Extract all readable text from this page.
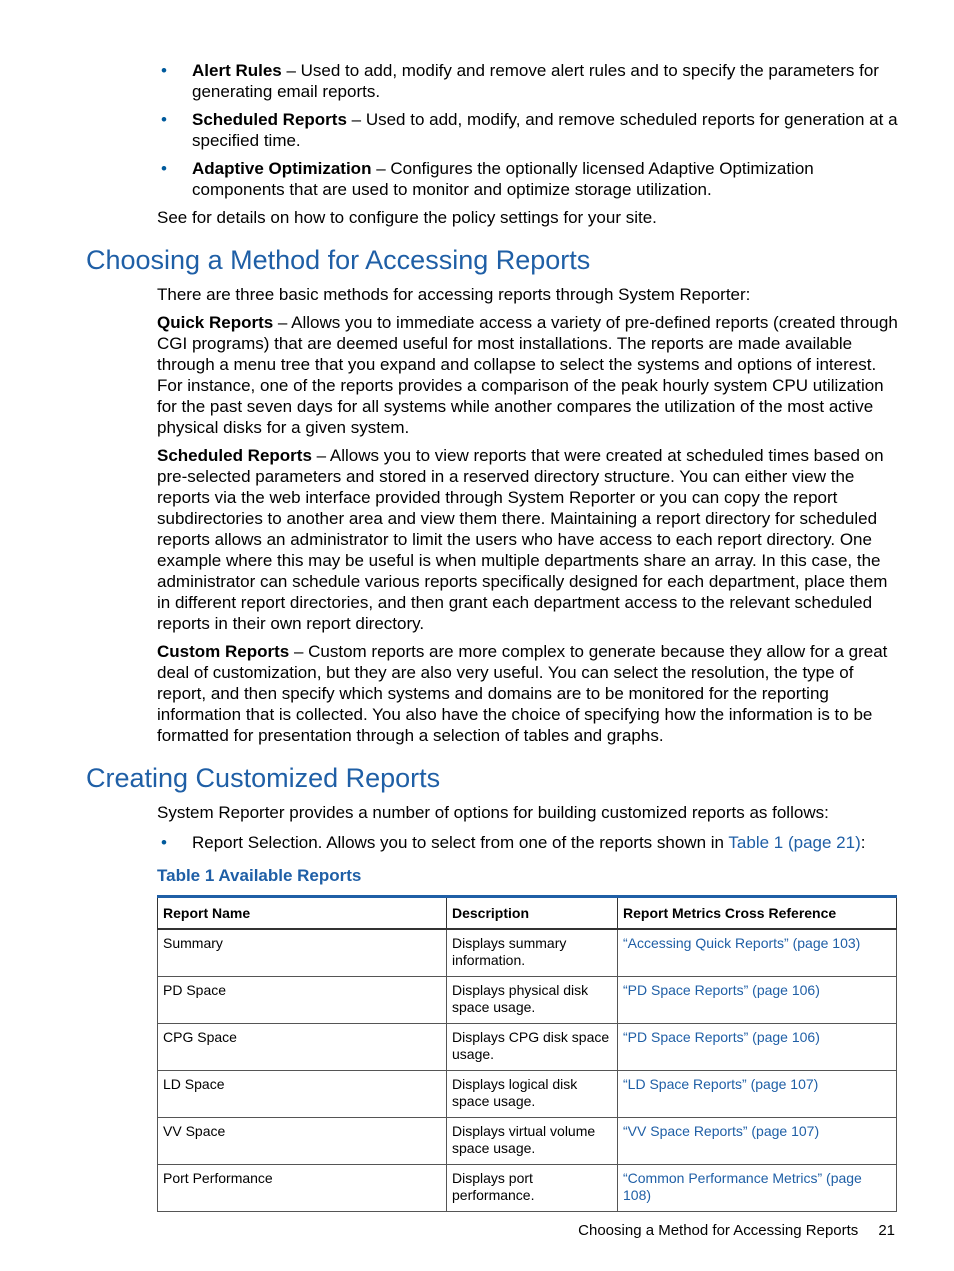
• Alert Rules – Used to add, modify and remove alert rules and to specify the parameters for generating email reports.
• Scheduled Reports – Used to add, modify, and remove scheduled reports for generation at a specified time.
• Adaptive Optimization – Configures the optionally licensed Adaptive Optimization components that are used to monitor and optimize storage utilization.

See for details on how to configure the policy settings for your site.

Choosing a Method for Accessing Reports

There are three basic methods for accessing reports through System Reporter:

Quick Reports – Allows you to immediate access a variety of pre-defined reports (created through CGI programs) that are deemed useful for most installations. The reports are made available through a menu tree that you expand and collapse to select the systems and options of interest. For instance, one of the reports provides a comparison of the peak hourly system CPU utilization for the past seven days for all systems while another compares the utilization of the most active physical disks for a given system.

Scheduled Reports – Allows you to view reports that were created at scheduled times based on pre-selected parameters and stored in a reserved directory structure. You can either view the reports via the web interface provided through System Reporter or you can copy the report subdirectories to another area and view them there. Maintaining a report directory for scheduled reports allows an administrator to limit the users who have access to each report directory. One example where this may be useful is when multiple departments share an array. In this case, the administrator can schedule various reports specifically designed for each department, place them in different report directories, and then grant each department access to the relevant scheduled reports in their own report directory.

Custom Reports – Custom reports are more complex to generate because they allow for a great deal of customization, but they are also very useful. You can select the resolution, the type of report, and then specify which systems and domains are to be monitored for the reporting information that is collected. You also have the choice of specifying how the information is to be formatted for presentation through a selection of tables and graphs.

Creating Customized Reports

System Reporter provides a number of options for building customized reports as follows:

• Report Selection. Allows you to select from one of the reports shown in Table 1 (page 21):
Table 1 Available Reports
Report Name	Description	Report Metrics Cross Reference
Summary	Displays summary information.	“Accessing Quick Reports” (page 103)
PD Space	Displays physical disk space usage.	“PD Space Reports” (page 106)
CPG Space	Displays CPG disk space usage.	“PD Space Reports” (page 106)
LD Space	Displays logical disk space usage.	“LD Space Reports” (page 107)
VV Space	Displays virtual volume space usage.	“VV Space Reports” (page 107)
Port Performance	Displays port performance.	“Common Performance Metrics” (page 108)
Choosing a Method for Accessing Reports 21
